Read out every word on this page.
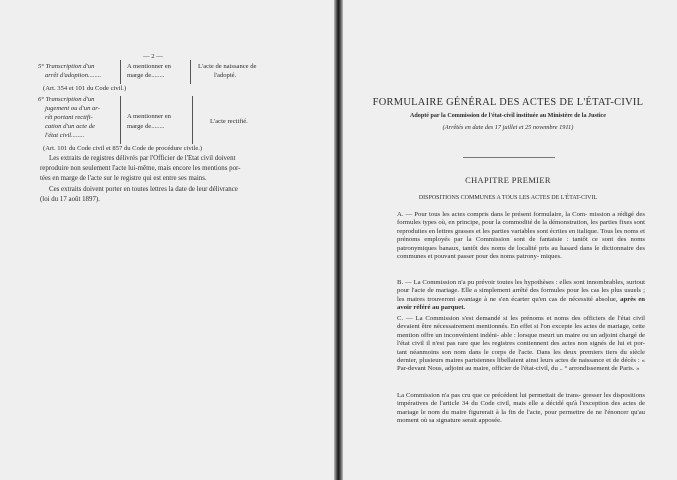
— 2 —
5° Transcription d'un
arrêt d'adoption........
A mentionner en
marge de........
L'acte de naissance de
l'adopté.
(Art. 354 et 101 du Code civil.)
6° Transcription d'un
jugement ou d'un ar-
rêt portant rectifi-
cation d'un acte de
l'état civil........
A mentionner en
marge de........
L'acte rectifié.
(Art. 101 du Code civil et 857 du Code de procédure civile.)
Les extraits de registres délivrés par l'Officier de l'Etat civil doivent
reproduire non seulement l'acte lui-même, mais encore les mentions por-
tées en marge de l'acte sur le registre qui est entre ses mains.
Ces extraits doivent porter en toutes lettres la date de leur délivrance
(loi du 17 août 1897).
FORMULAIRE GÉNÉRAL DES ACTES DE L'ÉTAT-CIVIL
Adopté par la Commission de l'état-civil instituée au Ministère de la Justice
(Arrêtés en date des 17 juillet et 25 novembre 1911)
CHAPITRE PREMIER
DISPOSITIONS COMMUNES A TOUS LES ACTES DE L'ÉTAT-CIVIL
A. — Pour tous les actes compris dans le présent formulaire, la Com- mission a rédigé des formules types où, en principe, pour la commodité de la démonstration, les parties fixes sont reproduites en lettres grasses et les parties variables sont écrites en italique. Tous les noms et prénoms employés par la Commission sont de fantaisie : tantôt ce sont des noms patronymiques banaux, tantôt des noms de localité pris au hasard dans le dictionnaire des communes et pouvant passer pour des noms patrony- miques.
B. — La Commission n'a pu prévoir toutes les hypothèses : elles sont innombrables, surtout pour l'acte de mariage. Elle a simplement arrêté des formules pour les cas les plus usuels ; les maires trouveront avantage à ne s'en écarter qu'en cas de nécessité absolue, après en avoir référé au parquet.
C. — La Commission s'est demandé si les prénoms et noms des officiers de l'état civil devaient être nécessairement mentionnés. En effet si l'on excepte les actes de mariage, cette mention offre un inconvénient indéni- able : lorsque meurt un maire ou un adjoint chargé de l'état civil il n'est pas rare que les registres contiennent des actes non signés de lui et por- tant néanmoins son nom dans le corps de l'acte. Dans les deux premiers tiers du siècle dernier, plusieurs maires parisiennes libellaient ainsi leurs actes de naissance et de décès : « Par-devant Nous, adjoint au maire, officier de l'état-civil, du .. ° arrondissement de Paris. »
La Commission n'a pas cru que ce précédent lui permettait de trans- gresser les dispositions impératives de l'article 34 du Code civil, mais elle a décidé qu'à l'exception des actes de mariage le nom du maire figurerait à la fin de l'acte, pour permettre de ne l'énoncer qu'au moment où sa signature serait apposée.
